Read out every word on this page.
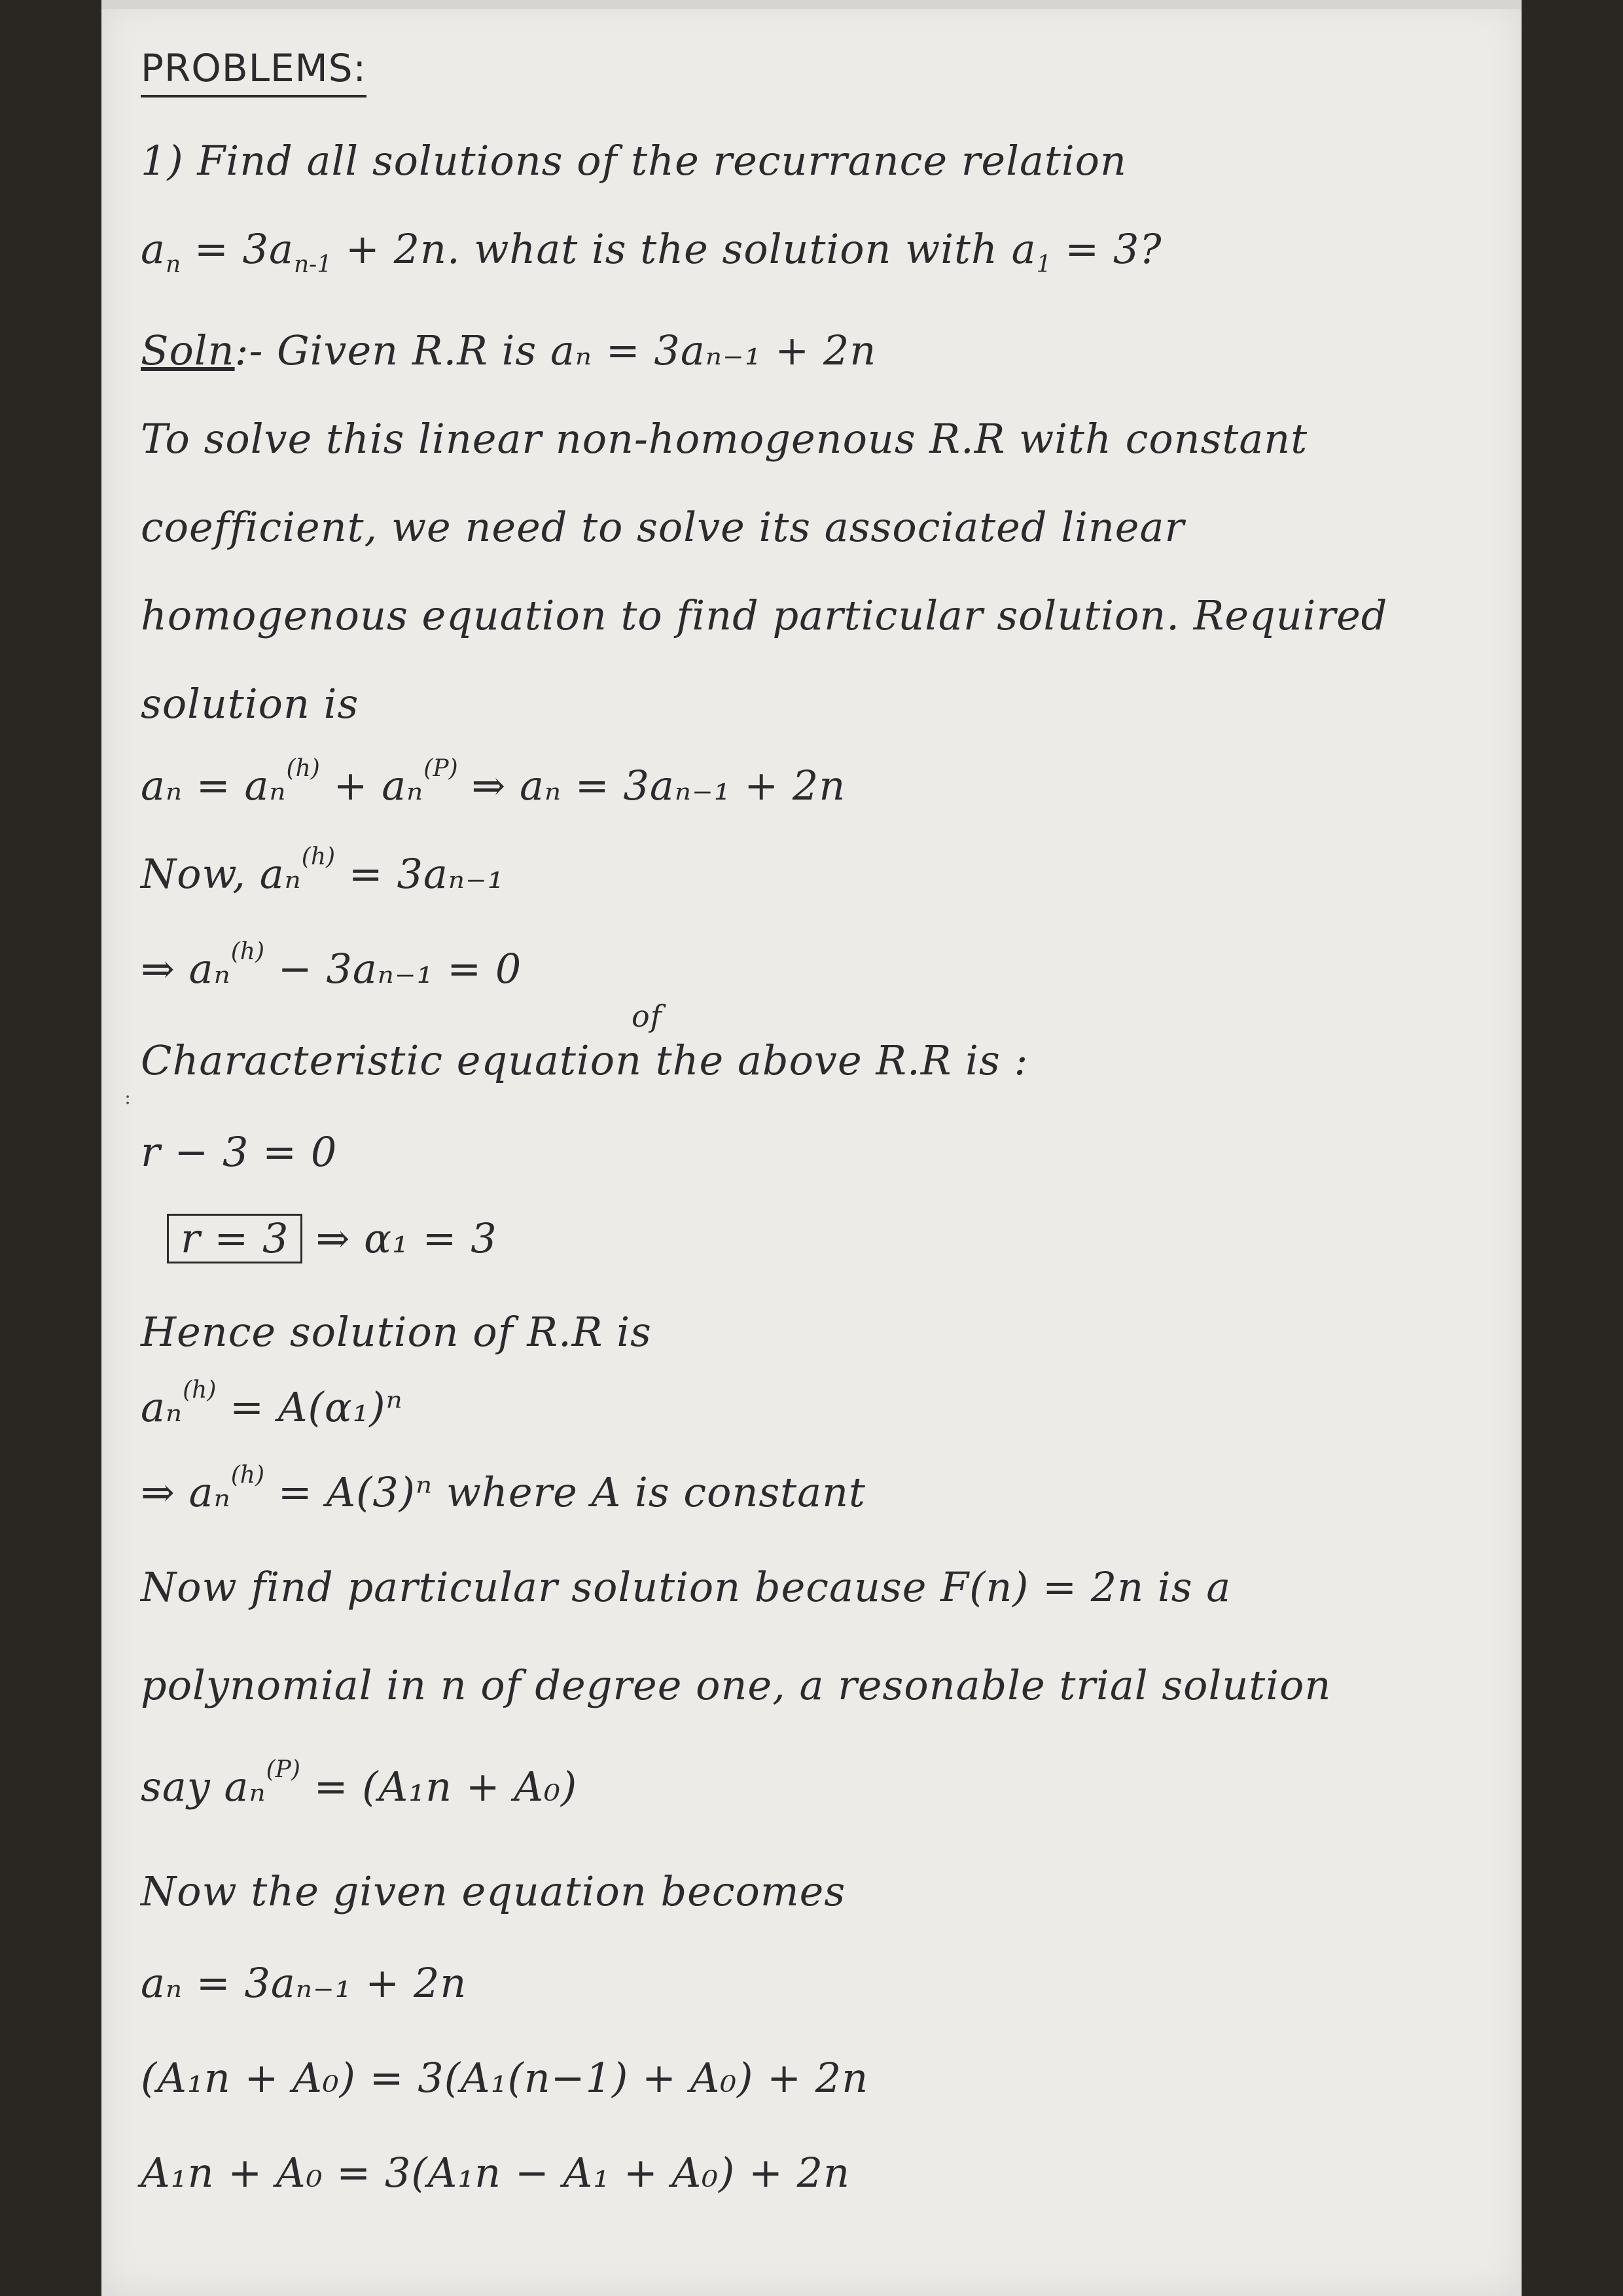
:
PROBLEMS:
1) Find all solutions of the recurrance relation
$a_n = 3a_{n-1} + 2n$. what is the solution with $a_1 = 3$?
Soln:- Given R.R is aₙ = 3aₙ₋₁ + 2n
To solve this linear non-homogenous R.R with constant
coefficient, we need to solve its associated linear
homogenous equation to find particular solution. Required
solution is
aₙ = aₙ$^{(h)}$ + aₙ$^{(P)}$ ⇒ aₙ = 3aₙ₋₁ + 2n
Now, aₙ$^{(h)}$ = 3aₙ₋₁
⇒ aₙ$^{(h)}$ − 3aₙ₋₁ = 0
of
Characteristic equation the above R.R is :
r − 3 = 0
r = 3 ⇒ α₁ = 3
Hence solution of R.R is
aₙ$^{(h)}$ = A(α₁)ⁿ
⇒ aₙ$^{(h)}$ = A(3)ⁿ where A is constant
Now find particular solution because F(n) = 2n is a
polynomial in n of degree one, a resonable trial solution
say aₙ$^{(P)}$ = (A₁n + A₀)
Now the given equation becomes
aₙ = 3aₙ₋₁ + 2n
(A₁n + A₀) = 3(A₁(n−1) + A₀) + 2n
A₁n + A₀ = 3(A₁n − A₁ + A₀) + 2n
